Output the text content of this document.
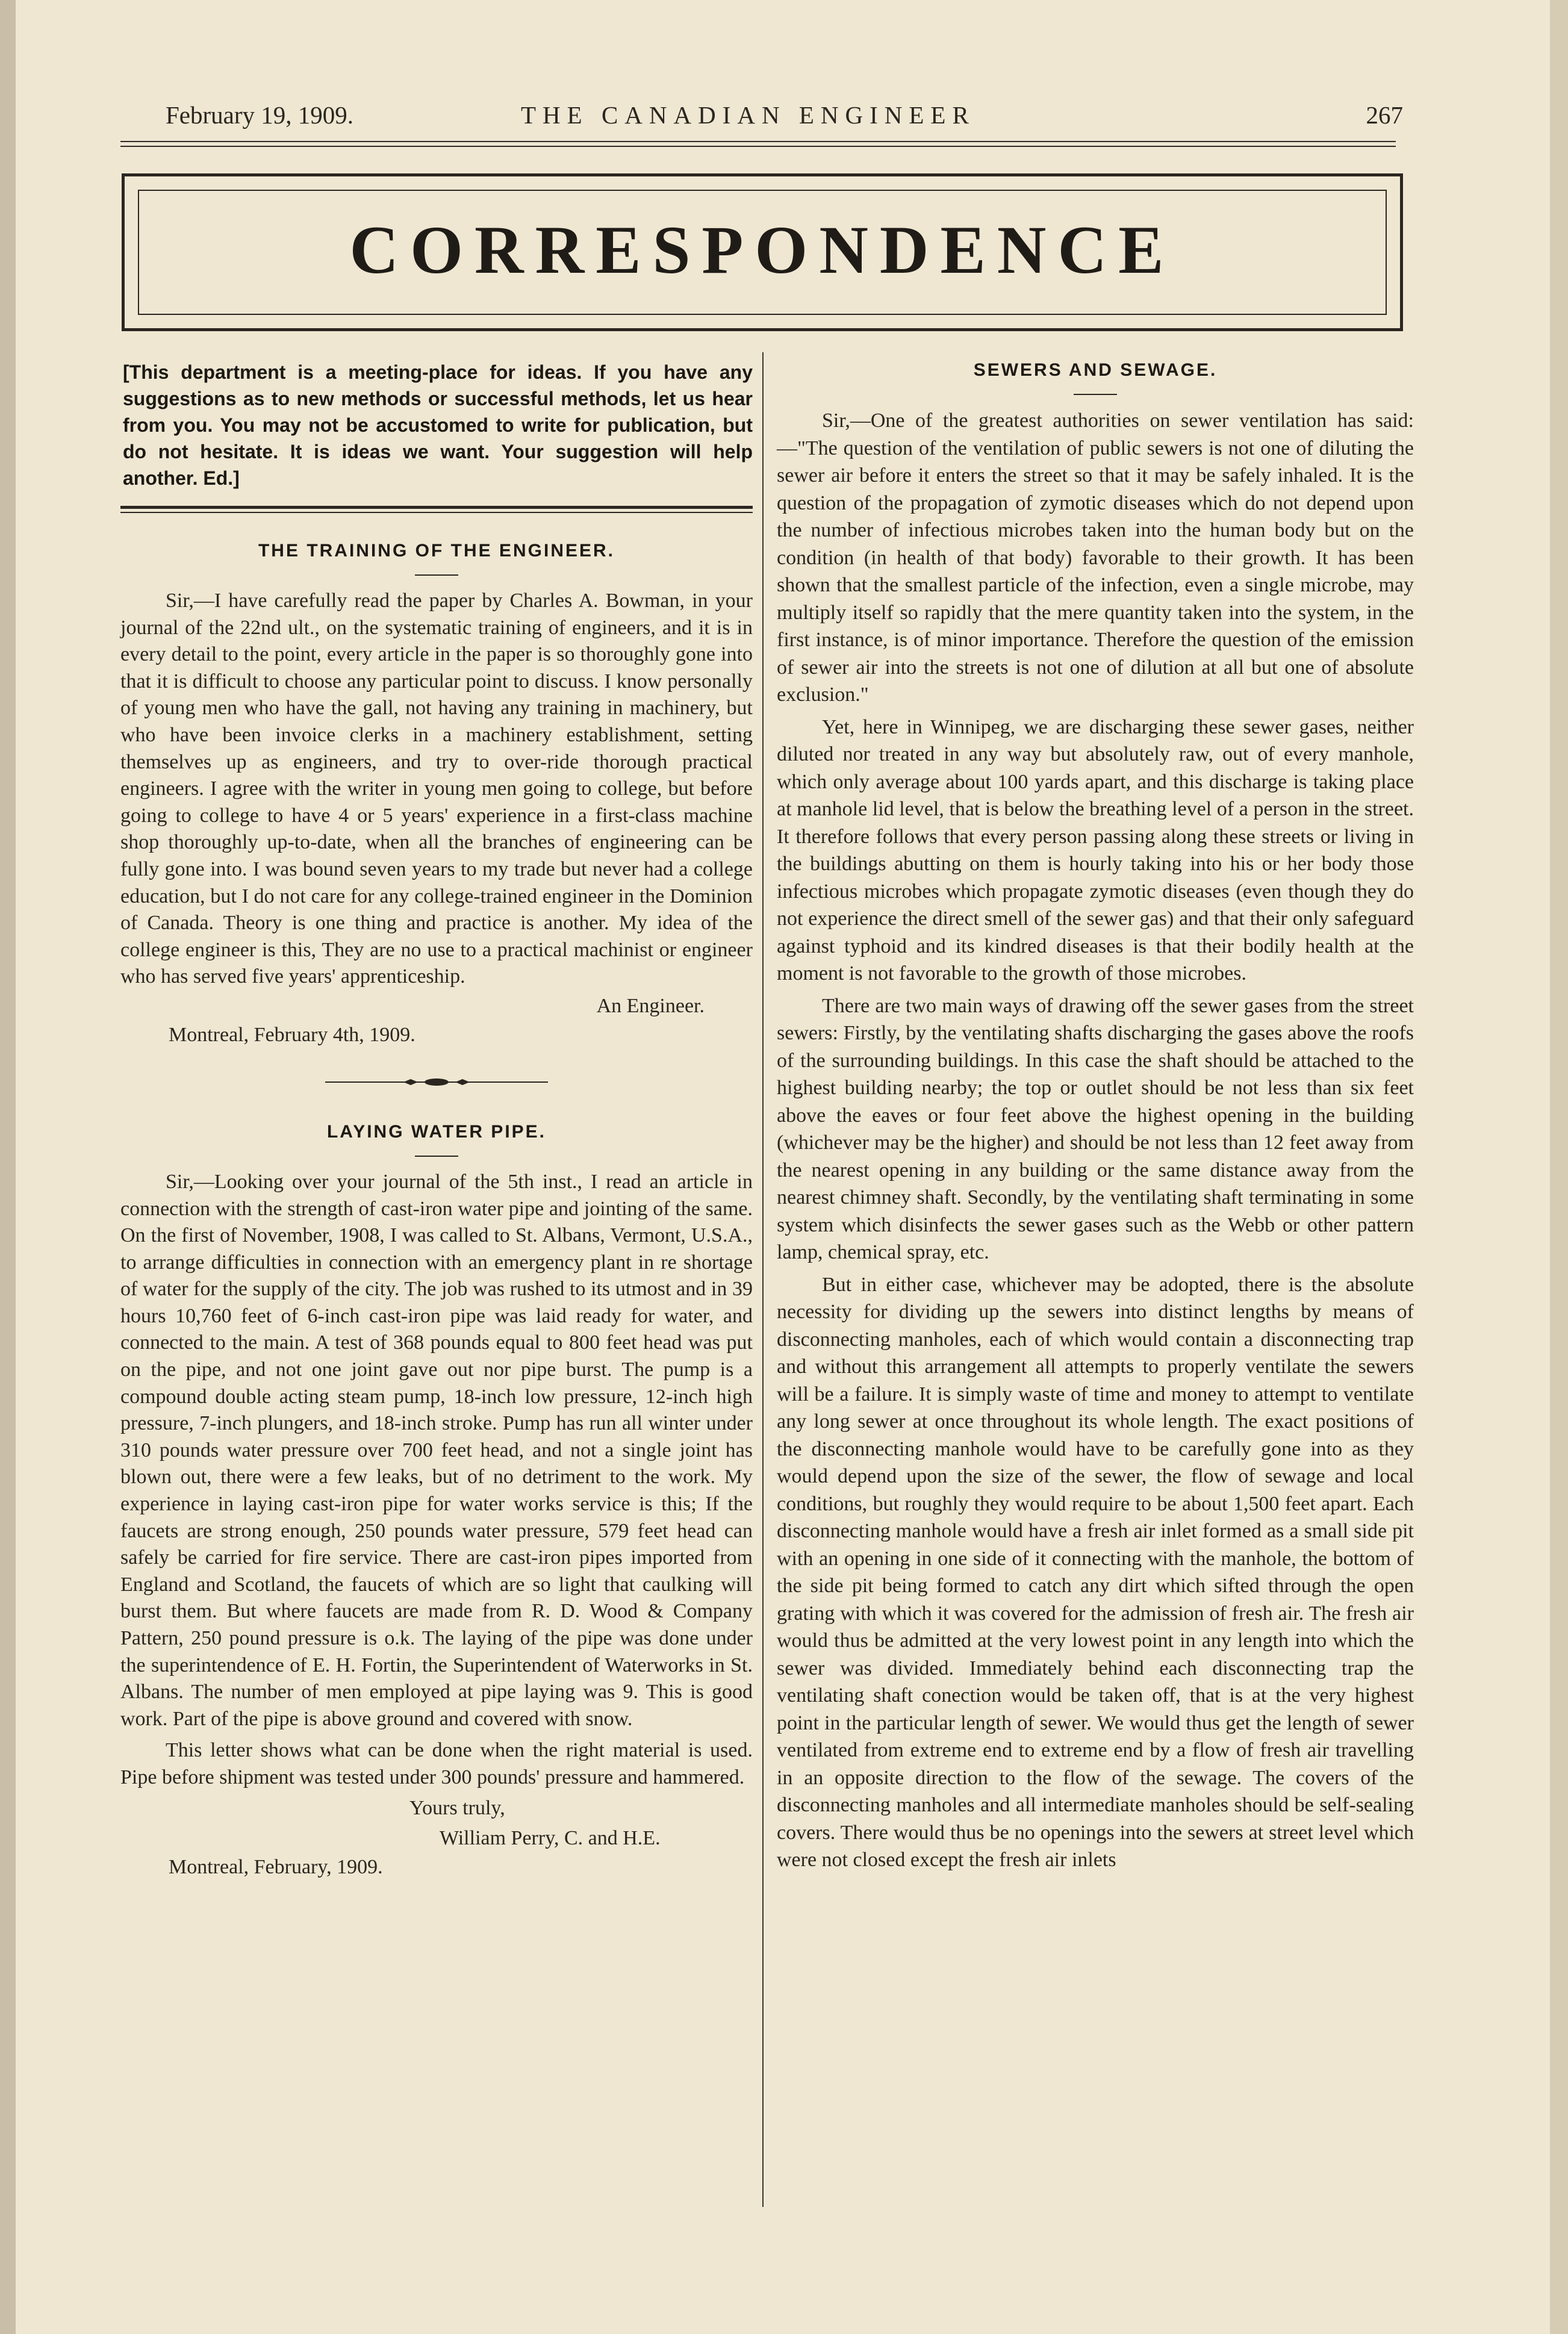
February 19, 1909.	THE CANADIAN ENGINEER	267
CORRESPONDENCE

[This department is a meeting-place for ideas. If you have any suggestions as to new methods or successful methods, let us hear from you. You may not be accustomed to write for publication, but do not hesitate. It is ideas we want. Your suggestion will help another. Ed.]

THE TRAINING OF THE ENGINEER.

Sir,—I have carefully read the paper by Charles A. Bowman, in your journal of the 22nd ult., on the systematic training of engineers, and it is in every detail to the point, every article in the paper is so thoroughly gone into that it is difficult to choose any particular point to discuss. I know personally of young men who have the gall, not having any training in machinery, but who have been invoice clerks in a machinery establishment, setting themselves up as engineers, and try to over-ride thorough practical engineers. I agree with the writer in young men going to college, but before going to college to have 4 or 5 years' experience in a first-class machine shop thoroughly up-to-date, when all the branches of engineering can be fully gone into. I was bound seven years to my trade but never had a college education, but I do not care for any college-trained engineer in the Dominion of Canada. Theory is one thing and practice is another. My idea of the college engineer is this, They are no use to a practical machinist or engineer who has served five years' apprenticeship.

An Engineer.
Montreal, February 4th, 1909.
LAYING WATER PIPE.

Sir,—Looking over your journal of the 5th inst., I read an article in connection with the strength of cast-iron water pipe and jointing of the same. On the first of November, 1908, I was called to St. Albans, Vermont, U.S.A., to arrange difficulties in connection with an emergency plant in re shortage of water for the supply of the city. The job was rushed to its utmost and in 39 hours 10,760 feet of 6-inch cast-iron pipe was laid ready for water, and connected to the main. A test of 368 pounds equal to 800 feet head was put on the pipe, and not one joint gave out nor pipe burst. The pump is a compound double acting steam pump, 18-inch low pressure, 12-inch high pressure, 7-inch plungers, and 18-inch stroke. Pump has run all winter under 310 pounds water pressure over 700 feet head, and not a single joint has blown out, there were a few leaks, but of no detriment to the work. My experience in laying cast-iron pipe for water works service is this; If the faucets are strong enough, 250 pounds water pressure, 579 feet head can safely be carried for fire service. There are cast-iron pipes imported from England and Scotland, the faucets of which are so light that caulking will burst them. But where faucets are made from R. D. Wood & Company Pattern, 250 pound pressure is o.k. The laying of the pipe was done under the superintendence of E. H. Fortin, the Superintendent of Waterworks in St. Albans. The number of men employed at pipe laying was 9. This is good work. Part of the pipe is above ground and covered with snow.

This letter shows what can be done when the right material is used. Pipe before shipment was tested under 300 pounds' pressure and hammered.

Yours truly,
William Perry, C. and H.E.
Montreal, February, 1909.
SEWERS AND SEWAGE.

Sir,—One of the greatest authorities on sewer ventilation has said:—"The question of the ventilation of public sewers is not one of diluting the sewer air before it enters the street so that it may be safely inhaled. It is the question of the propagation of zymotic diseases which do not depend upon the number of infectious microbes taken into the human body but on the condition (in health of that body) favorable to their growth. It has been shown that the smallest particle of the infection, even a single microbe, may multiply itself so rapidly that the mere quantity taken into the system, in the first instance, is of minor importance. Therefore the question of the emission of sewer air into the streets is not one of dilution at all but one of absolute exclusion."

Yet, here in Winnipeg, we are discharging these sewer gases, neither diluted nor treated in any way but absolutely raw, out of every manhole, which only average about 100 yards apart, and this discharge is taking place at manhole lid level, that is below the breathing level of a person in the street. It therefore follows that every person passing along these streets or living in the buildings abutting on them is hourly taking into his or her body those infectious microbes which propagate zymotic diseases (even though they do not experience the direct smell of the sewer gas) and that their only safeguard against typhoid and its kindred diseases is that their bodily health at the moment is not favorable to the growth of those microbes.

There are two main ways of drawing off the sewer gases from the street sewers: Firstly, by the ventilating shafts discharging the gases above the roofs of the surrounding buildings. In this case the shaft should be attached to the highest building nearby; the top or outlet should be not less than six feet above the eaves or four feet above the highest opening in the building (whichever may be the higher) and should be not less than 12 feet away from the nearest opening in any building or the same distance away from the nearest chimney shaft. Secondly, by the ventilating shaft terminating in some system which disinfects the sewer gases such as the Webb or other pattern lamp, chemical spray, etc.

But in either case, whichever may be adopted, there is the absolute necessity for dividing up the sewers into distinct lengths by means of disconnecting manholes, each of which would contain a disconnecting trap and without this arrangement all attempts to properly ventilate the sewers will be a failure. It is simply waste of time and money to attempt to ventilate any long sewer at once throughout its whole length. The exact positions of the disconnecting manhole would have to be carefully gone into as they would depend upon the size of the sewer, the flow of sewage and local conditions, but roughly they would require to be about 1,500 feet apart. Each disconnecting manhole would have a fresh air inlet formed as a small side pit with an opening in one side of it connecting with the manhole, the bottom of the side pit being formed to catch any dirt which sifted through the open grating with which it was covered for the admission of fresh air. The fresh air would thus be admitted at the very lowest point in any length into which the sewer was divided. Immediately behind each disconnecting trap the ventilating shaft conection would be taken off, that is at the very highest point in the particular length of sewer. We would thus get the length of sewer ventilated from extreme end to extreme end by a flow of fresh air travelling in an opposite direction to the flow of the sewage. The covers of the disconnecting manholes and all intermediate manholes should be self-sealing covers. There would thus be no openings into the sewers at street level which were not closed except the fresh air inlets
